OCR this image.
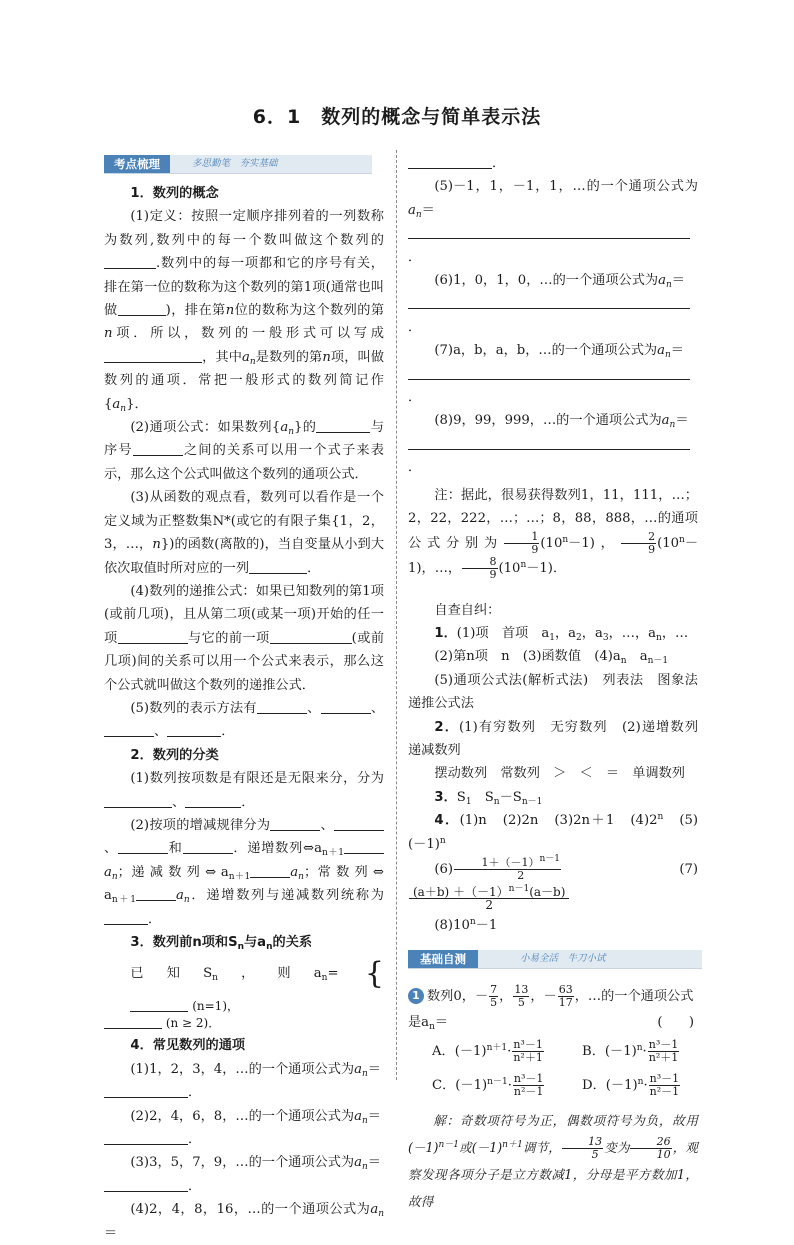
6．1　数列的概念与简单表示法
考点梳理	多思勤笔　夯实基础

1．数列的概念

(1)定义：按照一定顺序排列着的一列数称为数列,数列中的每一个数叫做这个数列的.数列中的每一项都和它的序号有关，排在第一位的数称为这个数列的第1项(通常也叫做	)，排在第n位的数称为这个数列的第n项．所以，数列的一般形式可以写成，其中$a_n$是数列的第n项，叫做数列的通项．常把一般形式的数列简记作$\{a_n\}$．

(2)通项公式：如果数列$\{a_n\}$的	与序号	之间的关系可以用一个式子来表示，那么这个公式叫做这个数列的通项公式．

(3)从函数的观点看，数列可以看作是一个定义域为正整数集N*(或它的有限子集{1，2，3，…，n})的函数(离散的)，当自变量从小到大依次取值时所对应的一列	．

(4)数列的递推公式：如果已知数列的第1项(或前几项)，且从第二项(或某一项)开始的任一项	与它的前一项	(或前几项)间的关系可以用一个公式来表示，那么这个公式就叫做这个数列的递推公式．

(5)数列的表示方法有	、	、、	．

2．数列的分类

(1)数列按项数是有限还是无限来分，分为、	．

(2)按项的增减规律分为	、、	和	．递增数列$\Leftrightarrow a_{n+1}a_n$；递 减 数 列 ⇔ $a_{n+1}$	$a_n$；常 数 列 ⇔ $a_{n+1}$	$a_n$．递增数列与递减数列统称为．

3．数列前n项和$S_n$与$a_n$的关系

已知$S_n$，则$a_n=$ { (n=1)，
(n ≥ 2)．

4．常见数列的通项

(1)1，2，3，4，…的一个通项公式为$a_n=$
．

(2)2，4，6，8，…的一个通项公式为$a_n=$
．

(3)3，5，7，9，…的一个通项公式为$a_n=$
．

(4)2，4，8，16，…的一个通项公式为$a_n=$

．

(5)－1，1，－1，1，…的一个通项公式为$a_n=$
．

(6)1，0，1，0，…的一个通项公式为$a_n=$
．

(7)a，b，a，b，…的一个通项公式为$a_n=$
．

(8)9，99，999，…的一个通项公式为$a_n=$
．

注：据此，很易获得数列1，11，111，…；2，22，222，…；…；8，88，888，…的通项公式分别为 $\frac{1}{9} (10^n-1)$， $\frac{2}{9} (10^n-1)$，…， $\frac{8}{9} (10^n-1)$．

自查自纠：

1．(1)项　首项　$a_1$，$a_2$，$a_3$，…，$a_n$，…

(2)第n项　n　(3)函数值　$(4)a_n$　$a_{n-1}$

(5)通项公式法(解析式法)　列表法　图象法　递推公式法

2．(1)有穷数列　无穷数列　(2)递增数列　递减数列

摆动数列　常数列　＞　＜　＝　单调数列

3．$S_1$　 $S_n-S_{n-1}$

4．(1)n　(2)2n　(3)2n＋1　(4)2$^n$　$(5)(-1)^n$

$(6) \frac{1+(-1)^{n-1}}{2}$	(7)

$\frac{(a+b) +(-1)^{n-1}(a-b)}{2}$

$(8)10^n-1$

基础自测	小易全活　牛刀小试

1 数列0，－ $\frac{7}{5}$ ， $\frac{13}{5}$ ，－ $\frac{63}{17}$ ，…的一个通项公式

是$a_n=$	(　　)

A．$(-1)^{n+1}\cdot \frac{\text{n³－1}}{\text{n²＋1}}$	B．$(-1)^n\cdot \frac{\text{n³－1}}{\text{n²＋1}}$

C．$(-1)^{n-1}\cdot \frac{\text{n³－1}}{\text{n²－1}}$	D．$(-1)^n\cdot \frac{\text{n³－1}}{\text{n²－1}}$

解：奇数项符号为正，偶数项符号为负，故用$(-1)^{n-1}$或$(-1)^{n+1}$调节， $\frac{13}{5}$ 变为 $\frac{26}{10}$ ，观察发现各项分子是立方数减1，分母是平方数加1，故得
